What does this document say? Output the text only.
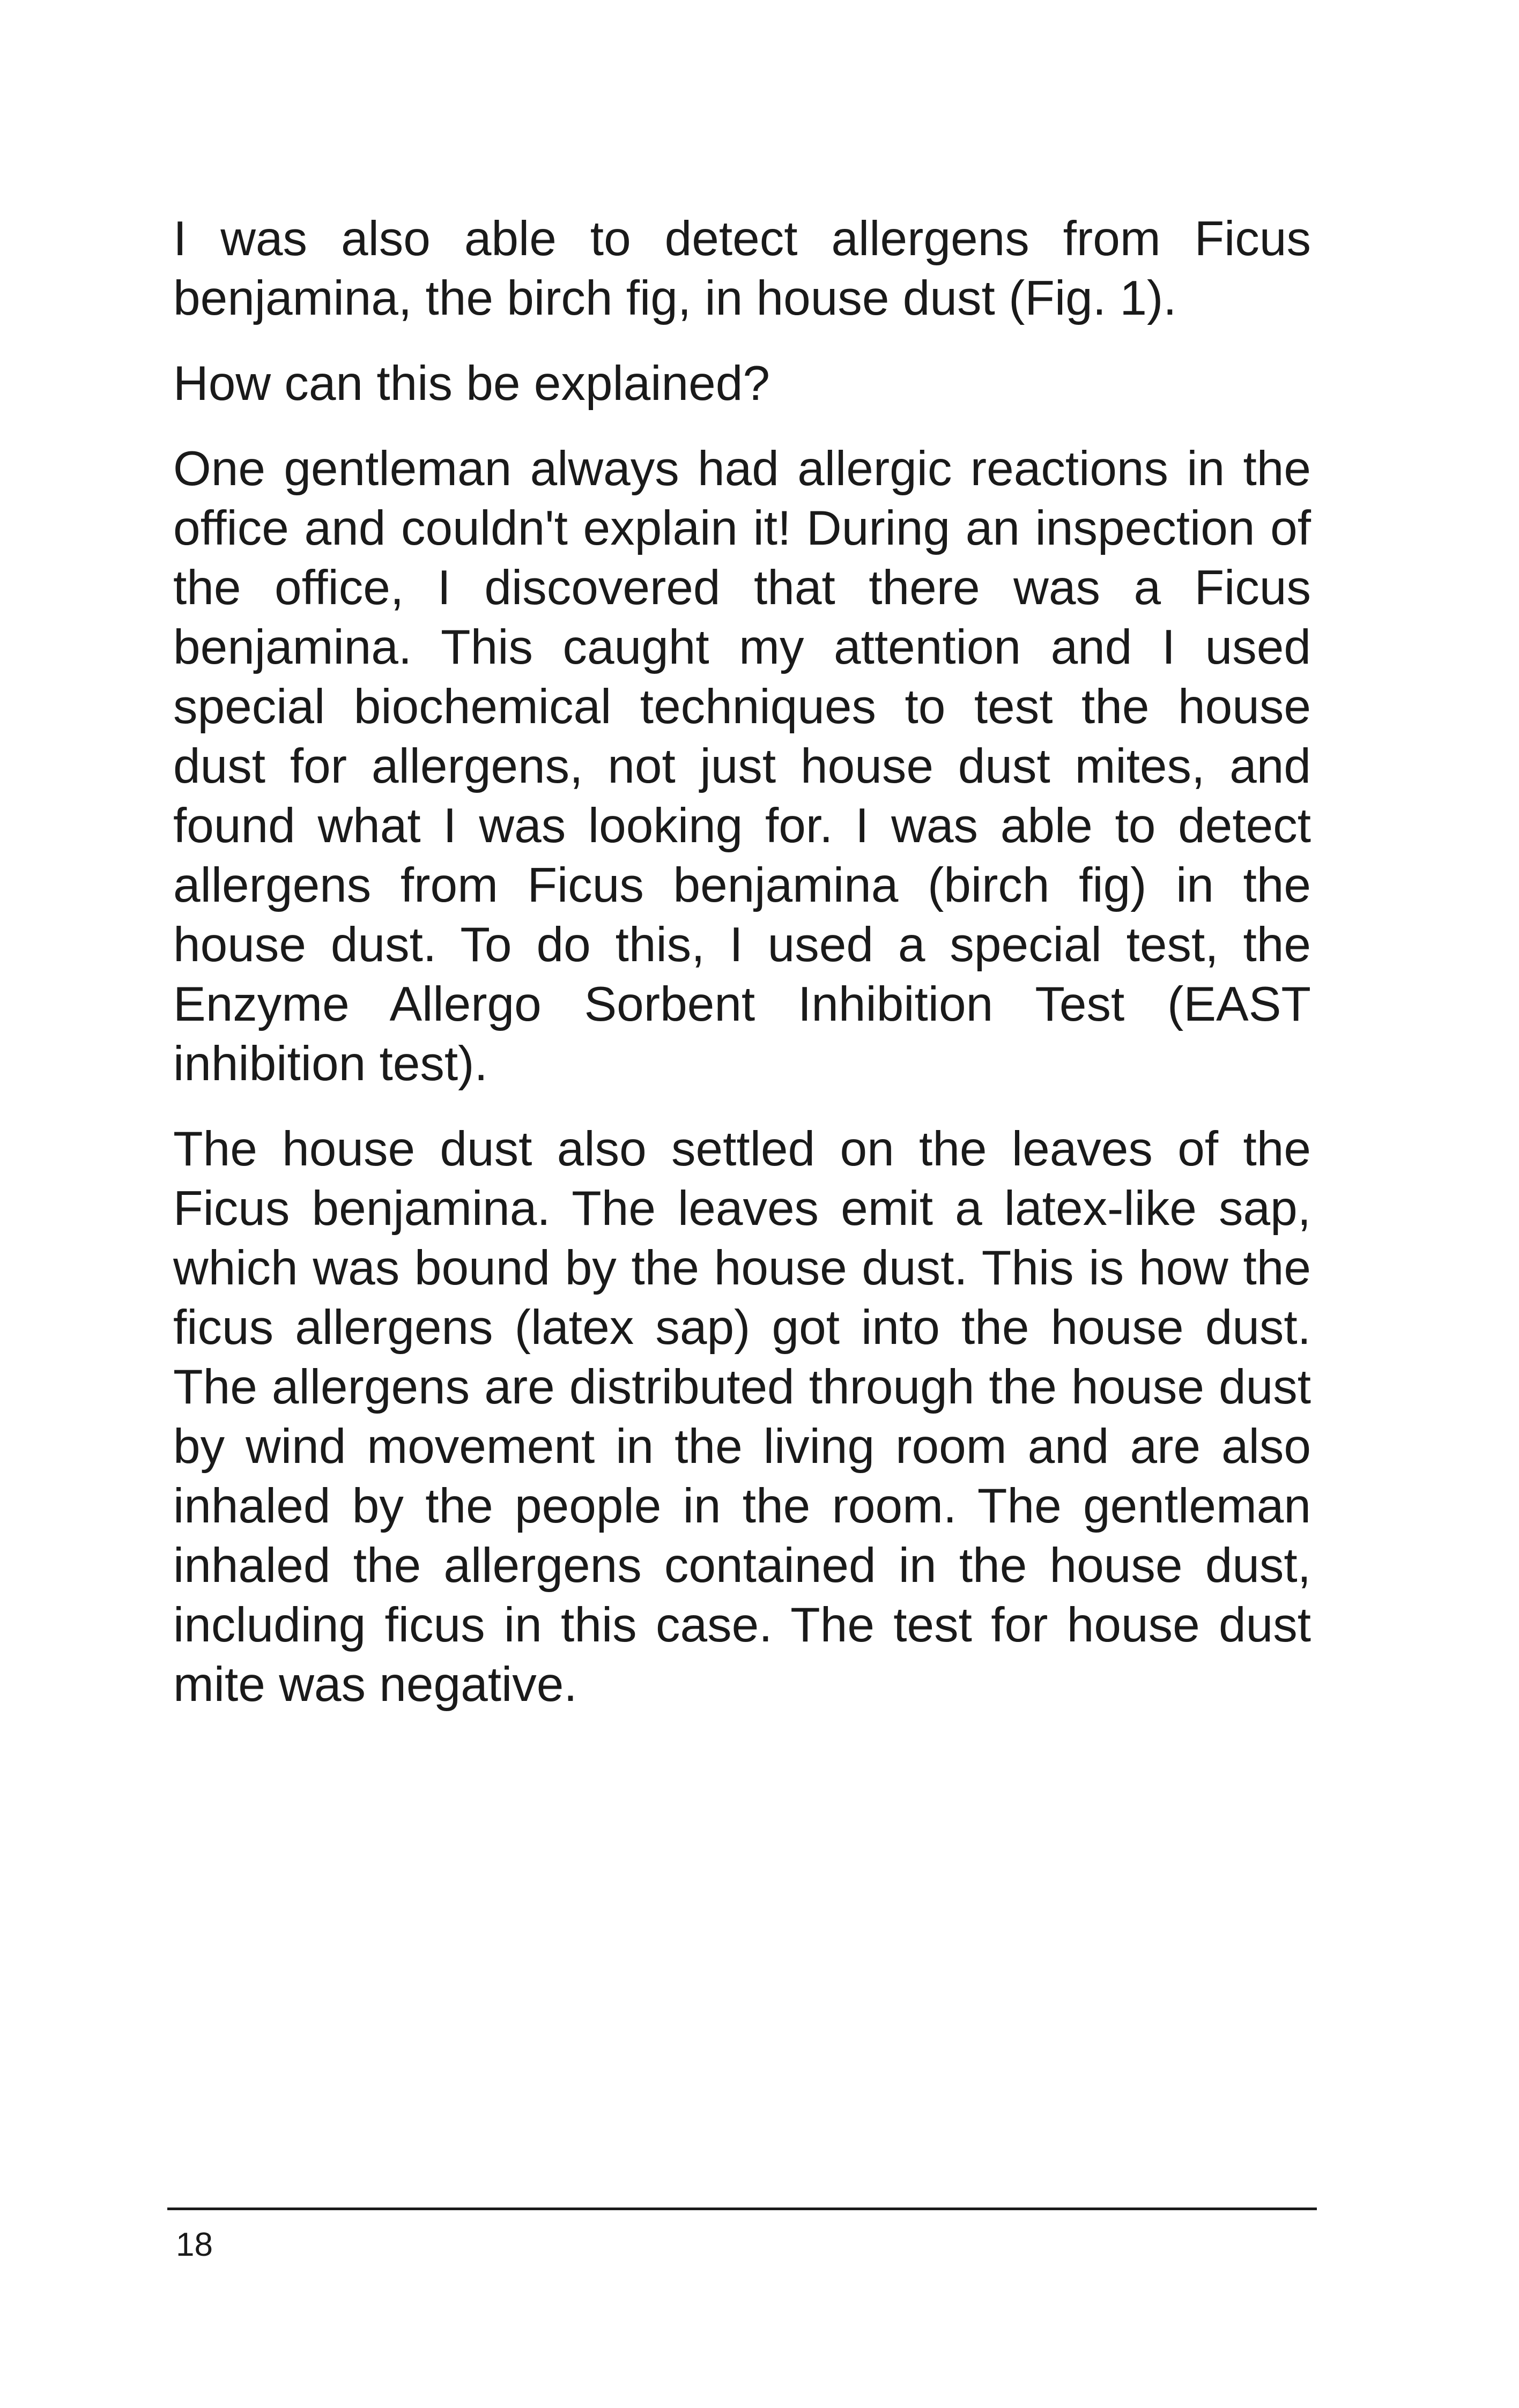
I was also able to detect allergens from Ficus benjamina, the birch fig, in house dust (Fig. 1).

How can this be explained?

One gentleman always had allergic reactions in the office and couldn't explain it! During an inspection of the office, I discovered that there was a Ficus benjamina. This caught my attention and I used special biochemical techniques to test the house dust for allergens, not just house dust mites, and found what I was looking for. I was able to detect allergens from Ficus benjamina (birch fig) in the house dust. To do this, I used a special test, the Enzyme Allergo Sorbent Inhibition Test (EAST inhibition test).

The house dust also settled on the leaves of the Ficus benjamina. The leaves emit a latex-like sap, which was bound by the house dust. This is how the ficus allergens (latex sap) got into the house dust. The allergens are distributed through the house dust by wind movement in the living room and are also inhaled by the people in the room. The gentleman inhaled the allergens contained in the house dust, including ficus in this case. The test for house dust mite was negative.

18
